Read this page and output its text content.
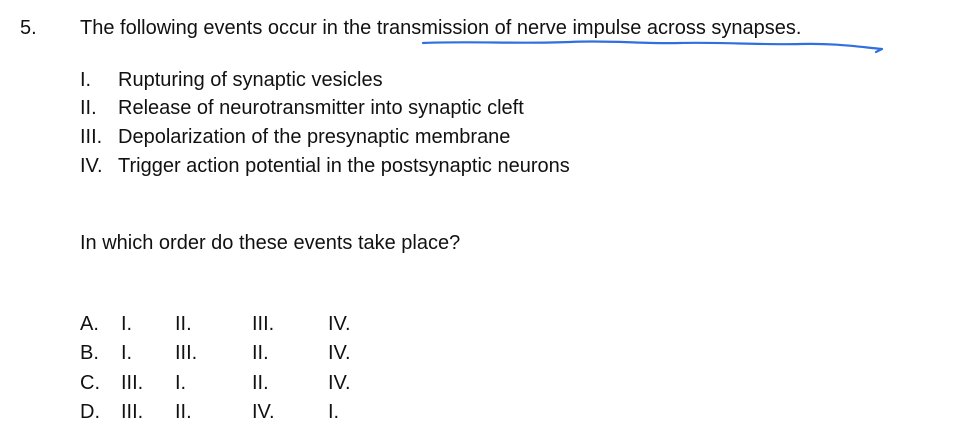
5. The following events occur in the transmission of nerve impulse across synapses.
I. Rupturing of synaptic vesicles
II. Release of neurotransmitter into synaptic cleft
III. Depolarization of the presynaptic membrane
IV. Trigger action potential in the postsynaptic neurons
In which order do these events take place?
A. I. II.	III.	IV.
B. I. III.	II.	IV.
C. III. I.	II.	IV.
D. III. II.	IV.	I.
